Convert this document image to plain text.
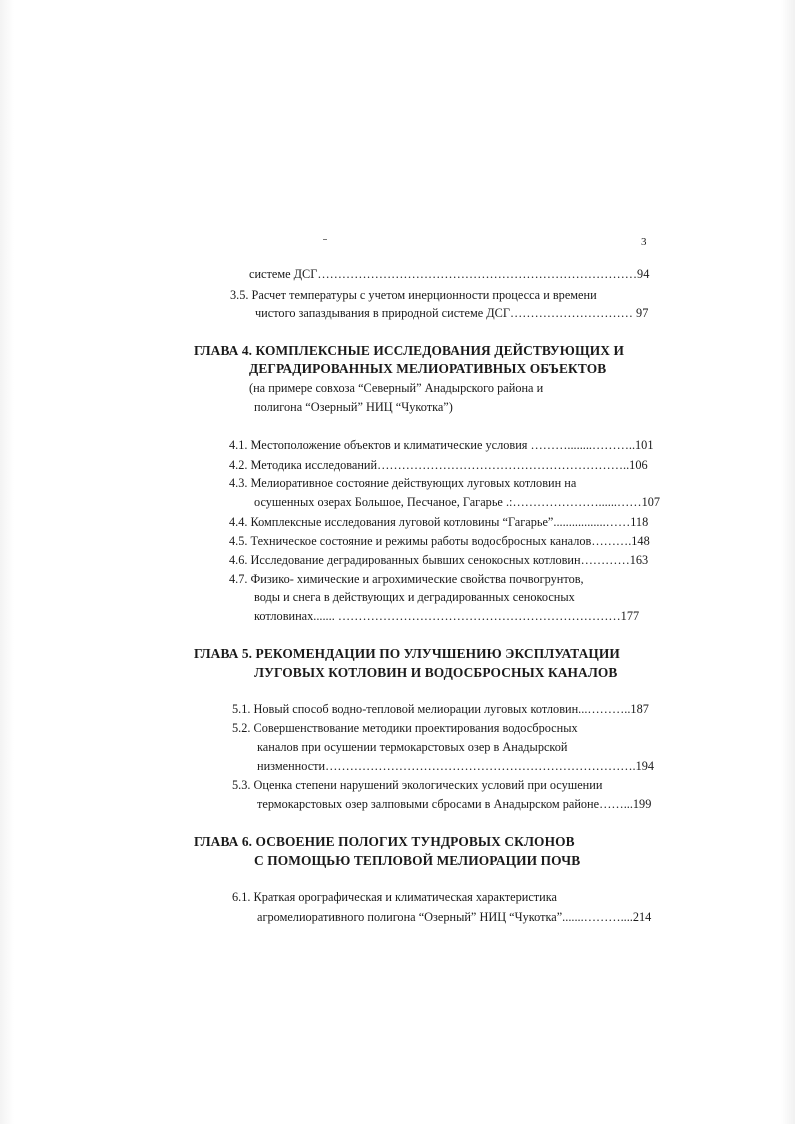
3
системе ДСГ……………………………………………………………………94
3.5. Расчет температуры с учетом инерционности процесса и времени
чистого запаздывания в природной системе ДСГ………………………… 97
ГЛАВА 4. КОМПЛЕКСНЫЕ ИССЛЕДОВАНИЯ ДЕЙСТВУЮЩИХ И
ДЕГРАДИРОВАННЫХ МЕЛИОРАТИВНЫХ ОБЪЕКТОВ
(на примере совхоза “Северный” Анадырского района и
полигона “Озерный” НИЦ “Чукотка”)
4.1. Местоположение объектов и климатические условия ………........………..101
4.2. Методика исследований……………………………………………………..106
4.3. Мелиоративное состояние действующих луговых котловин на
осушенных озерах Большое, Песчаное, Гагарье .:…………………......……107
4.4. Комплексные исследования луговой котловины “Гагарье”.................……118
4.5. Техническое состояние и режимы работы водосбросных каналов……….148
4.6. Исследование деградированных бывших сенокосных котловин…………163
4.7. Физико- химические и агрохимические свойства почвогрунтов,
воды и снега в действующих и деградированных сенокосных
котловинах....... ……………………………………………………………177
ГЛАВА 5. РЕКОМЕНДАЦИИ ПО УЛУЧШЕНИЮ ЭКСПЛУАТАЦИИ
ЛУГОВЫХ КОТЛОВИН И ВОДОСБРОСНЫХ КАНАЛОВ
5.1. Новый способ водно-тепловой мелиорации луговых котловин...………..187
5.2. Совершенствование методики проектирования водосбросных
каналов при осушении термокарстовых озер в Анадырской
низменности………………………………………………………………….194
5.3. Оценка степени нарушений экологических условий при осушении
термокарстовых озер залповыми сбросами в Анадырском районе……...199
ГЛАВА 6. ОСВОЕНИЕ ПОЛОГИХ ТУНДРОВЫХ СКЛОНОВ
С ПОМОЩЬЮ ТЕПЛОВОЙ МЕЛИОРАЦИИ ПОЧВ
6.1. Краткая орографическая и климатическая характеристика
агромелиоративного полигона “Озерный” НИЦ “Чукотка”.......………....214
